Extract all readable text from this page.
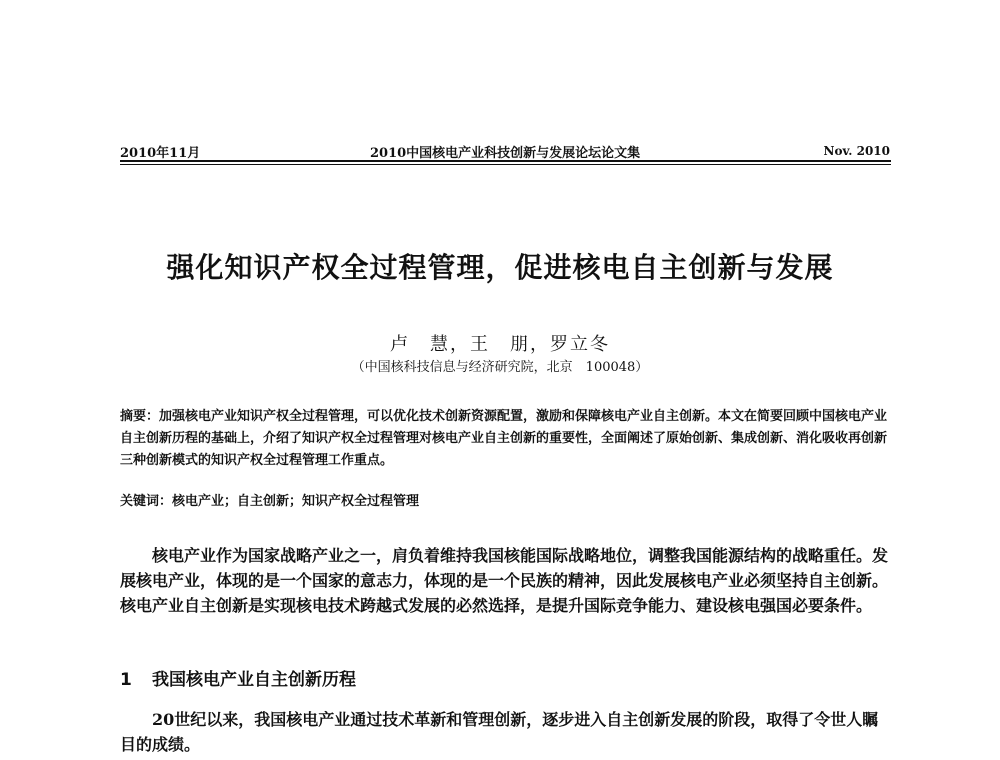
2010年11月	2010中国核电产业科技创新与发展论坛论文集	Nov. 2010
强化知识产权全过程管理，促进核电自主创新与发展
卢　慧，王　朋，罗立冬
（中国核科技信息与经济研究院，北京　100048）
摘要：加强核电产业知识产权全过程管理，可以优化技术创新资源配置，激励和保障核电产业自主创新。本文在简要回顾中国核电产业自主创新历程的基础上，介绍了知识产权全过程管理对核电产业自主创新的重要性，全面阐述了原始创新、集成创新、消化吸收再创新三种创新模式的知识产权全过程管理工作重点。
关键词：核电产业；自主创新；知识产权全过程管理
核电产业作为国家战略产业之一，肩负着维持我国核能国际战略地位，调整我国能源结构的战略重任。发展核电产业，体现的是一个国家的意志力，体现的是一个民族的精神，因此发展核电产业必须坚持自主创新。核电产业自主创新是实现核电技术跨越式发展的必然选择，是提升国际竞争能力、建设核电强国必要条件。
1 我国核电产业自主创新历程
20世纪以来，我国核电产业通过技术革新和管理创新，逐步进入自主创新发展的阶段，取得了令世人瞩目的成绩。
